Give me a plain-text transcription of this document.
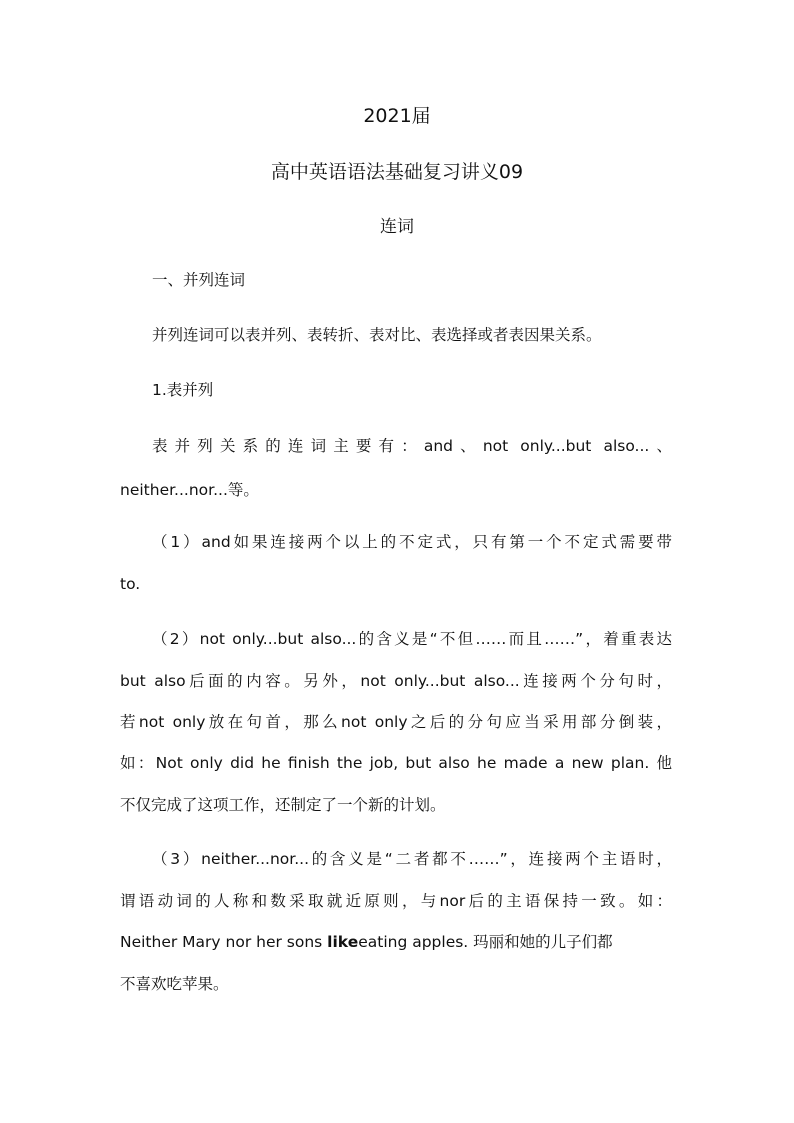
2021届
高中英语语法基础复习讲义09
连词
一、并列连词
并列连词可以表并列、表转折、表对比、表选择或者表因果关系。
1.表并列
表并列关系的连词主要有：and、not only...but also...、
neither...nor...等。
（1）and如果连接两个以上的不定式，只有第一个不定式需要带
to.
（2）not only...but also...的含义是“不但……而且……”，着重表达
but also后面的内容。另外，not only...but also...连接两个分句时，
若not only放在句首，那么not only之后的分句应当采用部分倒装，
如：Not only did he finish the job, but also he made a new plan. 他
不仅完成了这项工作，还制定了一个新的计划。
（3）neither...nor...的含义是“二者都不……”，连接两个主语时，
谓语动词的人称和数采取就近原则，与nor后的主语保持一致。如：
Neither Mary nor her sons likeeating apples. 玛丽和她的儿子们都
不喜欢吃苹果。
